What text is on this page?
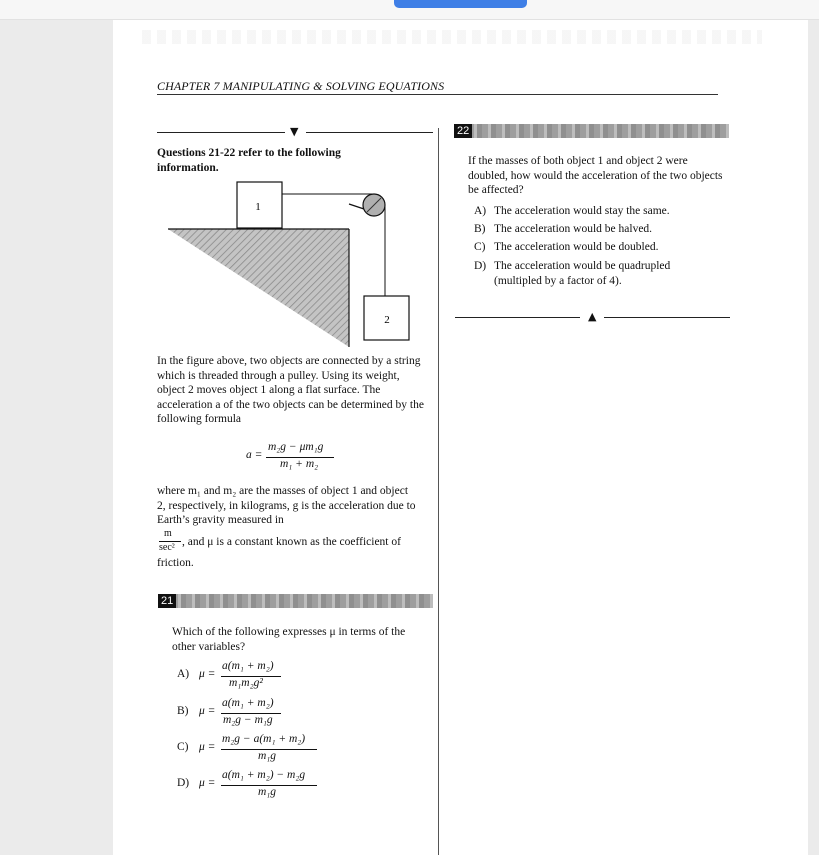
CHAPTER 7 MANIPULATING & SOLVING EQUATIONS
▼
Questions 21-22 refer to the following information.
1
2
In the figure above, two objects are connected by a string which is threaded through a pulley. Using its weight, object 2 moves object 1 along a flat surface. The acceleration a of the two objects can be determined by the following formula
a =
m₂g − μm₁g
m₁ + m₂
where m₁ and m₂ are the masses of object 1 and object 2, respectively, in kilograms, g is the acceleration due to Earth’s gravity measured in
m
sec² , and μ is a constant known as the coefficient of
friction.
21
Which of the following expresses μ in terms of the other variables?
A) μ =
a(m₁ + m₂)
m₁m₂g²
B) μ =
a(m₁ + m₂)
m₂g − m₁g
C) μ =
m₂g − a(m₁ + m₂)
m₁g
D) μ =
a(m₁ + m₂) − m₂g
m₁g
22
If the masses of both object 1 and object 2 were doubled, how would the acceleration of the two objects be affected?
A) The acceleration would stay the same.
B) The acceleration would be halved.
C) The acceleration would be doubled.
D) The acceleration would be quadrupled (multipled by a factor of 4).
▲
